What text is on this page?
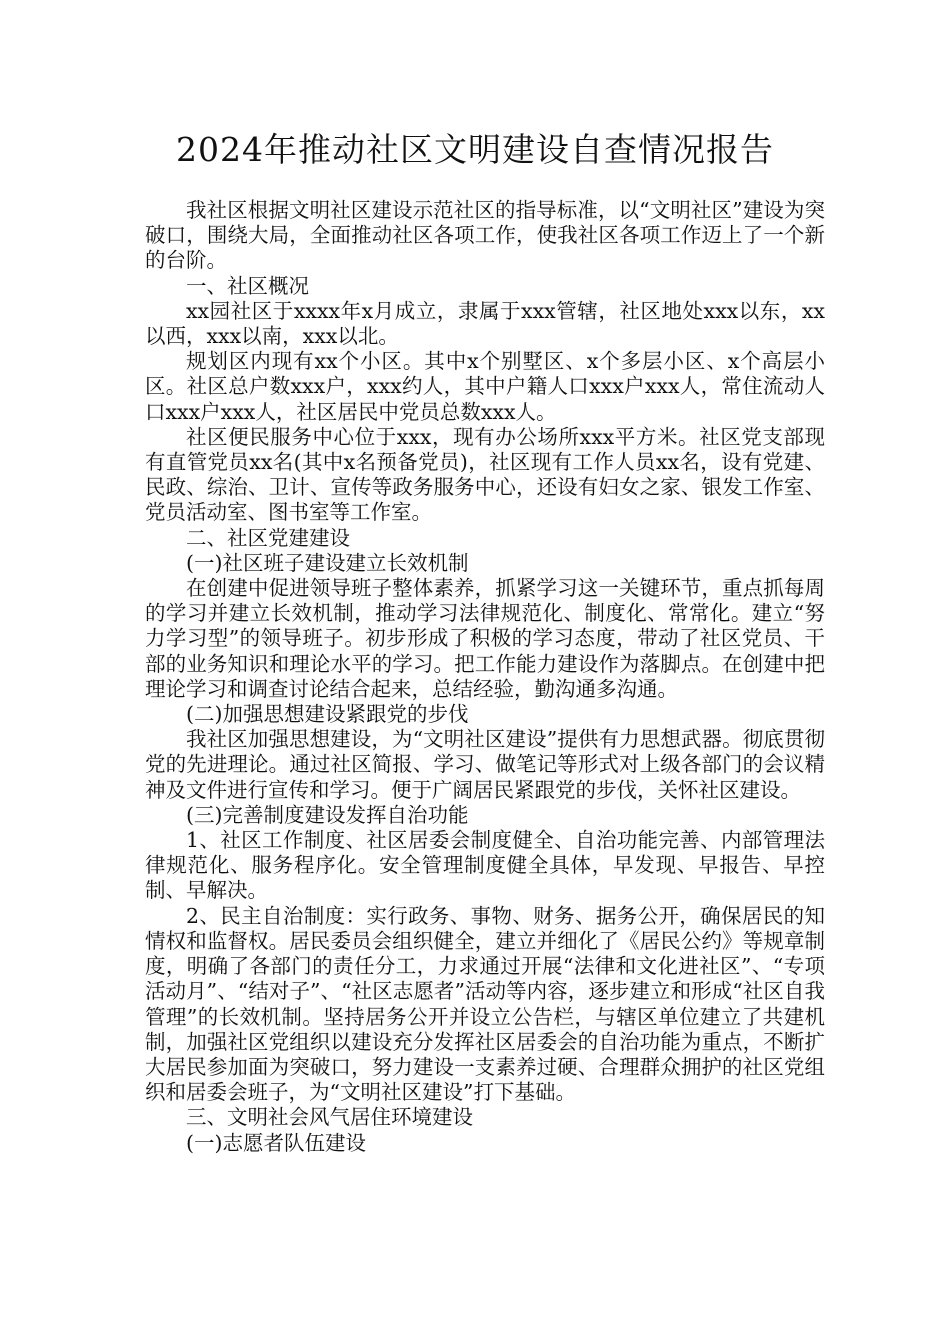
2024年推动社区文明建设自查情况报告

我社区根据文明社区建设示范社区的指导标准，以“文明社区”建设为突破口，围绕大局，全面推动社区各项工作，使我社区各项工作迈上了一个新的台阶。

一、社区概况

xx园社区于xxxx年x月成立，隶属于xxx管辖，社区地处xxx以东，xx以西，xxx以南，xxx以北。

规划区内现有xx个小区。其中x个别墅区、x个多层小区、x个高层小区。社区总户数xxx户，xxx约人，其中户籍人口xxx户xxx人，常住流动人口xxx户xxx人，社区居民中党员总数xxx人。

社区便民服务中心位于xxx，现有办公场所xxx平方米。社区党支部现有直管党员xx名(其中x名预备党员)，社区现有工作人员xx名，设有党建、民政、综治、卫计、宣传等政务服务中心，还设有妇女之家、银发工作室、党员活动室、图书室等工作室。

二、社区党建建设

(一)社区班子建设建立长效机制

在创建中促进领导班子整体素养，抓紧学习这一关键环节，重点抓每周的学习并建立长效机制，推动学习法律规范化、制度化、常常化。建立“努力学习型”的领导班子。初步形成了积极的学习态度，带动了社区党员、干部的业务知识和理论水平的学习。把工作能力建设作为落脚点。在创建中把理论学习和调查讨论结合起来，总结经验，勤沟通多沟通。

(二)加强思想建设紧跟党的步伐

我社区加强思想建设，为“文明社区建设”提供有力思想武器。彻底贯彻党的先进理论。通过社区简报、学习、做笔记等形式对上级各部门的会议精神及文件进行宣传和学习。便于广阔居民紧跟党的步伐，关怀社区建设。

(三)完善制度建设发挥自治功能

1、社区工作制度、社区居委会制度健全、自治功能完善、内部管理法律规范化、服务程序化。安全管理制度健全具体，早发现、早报告、早控制、早解决。

2、民主自治制度：实行政务、事物、财务、据务公开，确保居民的知情权和监督权。居民委员会组织健全，建立并细化了《居民公约》等规章制度，明确了各部门的责任分工，力求通过开展“法律和文化进社区”、“专项活动月”、“结对子”、“社区志愿者”活动等内容，逐步建立和形成“社区自我管理”的长效机制。坚持居务公开并设立公告栏，与辖区单位建立了共建机制，加强社区党组织以建设充分发挥社区居委会的自治功能为重点，不断扩大居民参加面为突破口，努力建设一支素养过硬、合理群众拥护的社区党组织和居委会班子，为“文明社区建设”打下基础。

三、文明社会风气居住环境建设

(一)志愿者队伍建设
